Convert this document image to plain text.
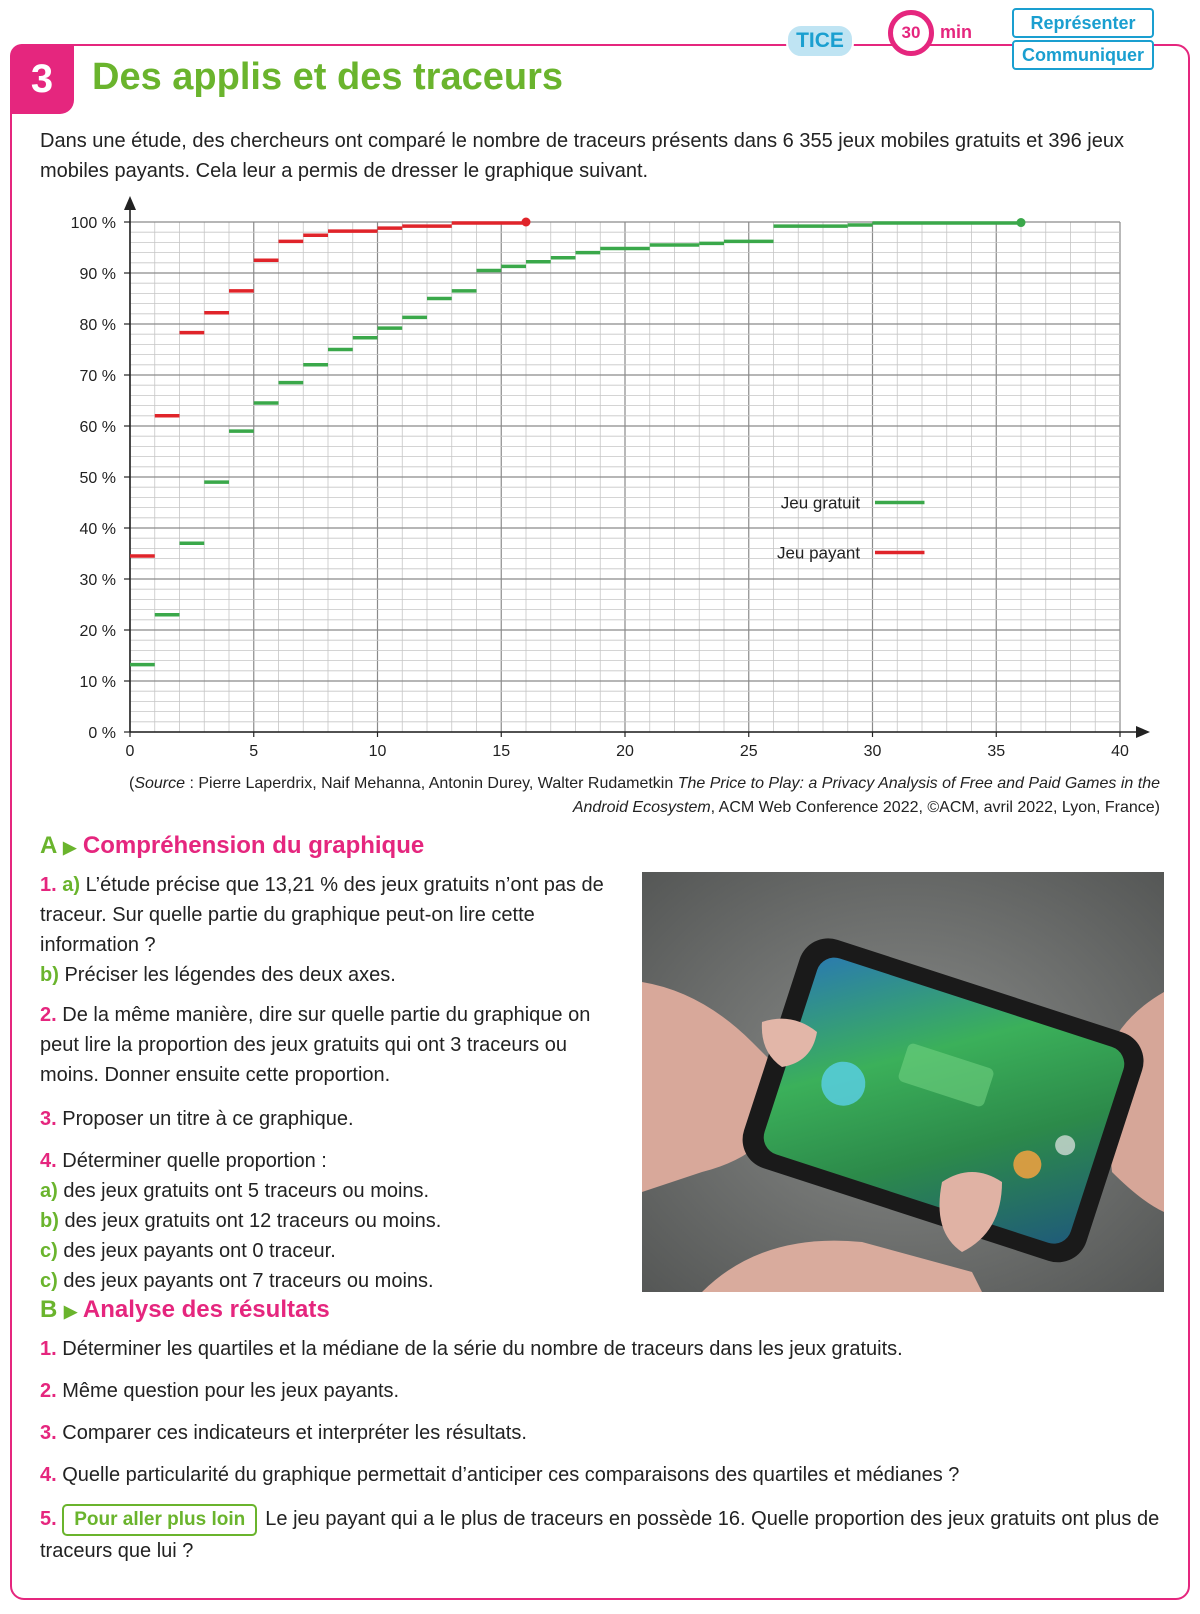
3	Des applis et des traceurs
TICE	30	min	Représenter
Communiquer
Dans une étude, des chercheurs ont comparé le nombre de traceurs présents dans 6 355 jeux mobiles gratuits et 396 jeux mobiles payants. Cela leur a permis de dresser le graphique suivant.
0	5	10	15	20	25	30	35	40
0 %
10 %
20 %
30 %
40 %
50 %
60 %
70 %
80 %
90 %
100 %
Jeu gratuit
Jeu payant
(Source : Pierre Laperdrix, Naif Mehanna, Antonin Durey, Walter Rudametkin The Price to Play: a Privacy Analysis of Free and Paid Games in the Android Ecosystem, ACM Web Conference 2022, ©ACM, avril 2022, Lyon, France)
A ▶ Compréhension du graphique
1. a) L’étude précise que 13,21 % des jeux gratuits n’ont pas de traceur. Sur quelle partie du graphique peut-on lire cette information ?
b) Préciser les légendes des deux axes.
2. De la même manière, dire sur quelle partie du graphique on peut lire la proportion des jeux gratuits qui ont 3 traceurs ou moins. Donner ensuite cette proportion.
3. Proposer un titre à ce graphique.
4. Déterminer quelle proportion :
a) des jeux gratuits ont 5 traceurs ou moins.
b) des jeux gratuits ont 12 traceurs ou moins.
c) des jeux payants ont 0 traceur.
c) des jeux payants ont 7 traceurs ou moins.
B ▶ Analyse des résultats
1. Déterminer les quartiles et la médiane de la série du nombre de traceurs dans les jeux gratuits.
2. Même question pour les jeux payants.
3. Comparer ces indicateurs et interpréter les résultats.
4. Quelle particularité du graphique permettait d’anticiper ces comparaisons des quartiles et médianes ?
5. Pour aller plus loin Le jeu payant qui a le plus de traceurs en possède 16. Quelle proportion des jeux gratuits ont plus de traceurs que lui ?
